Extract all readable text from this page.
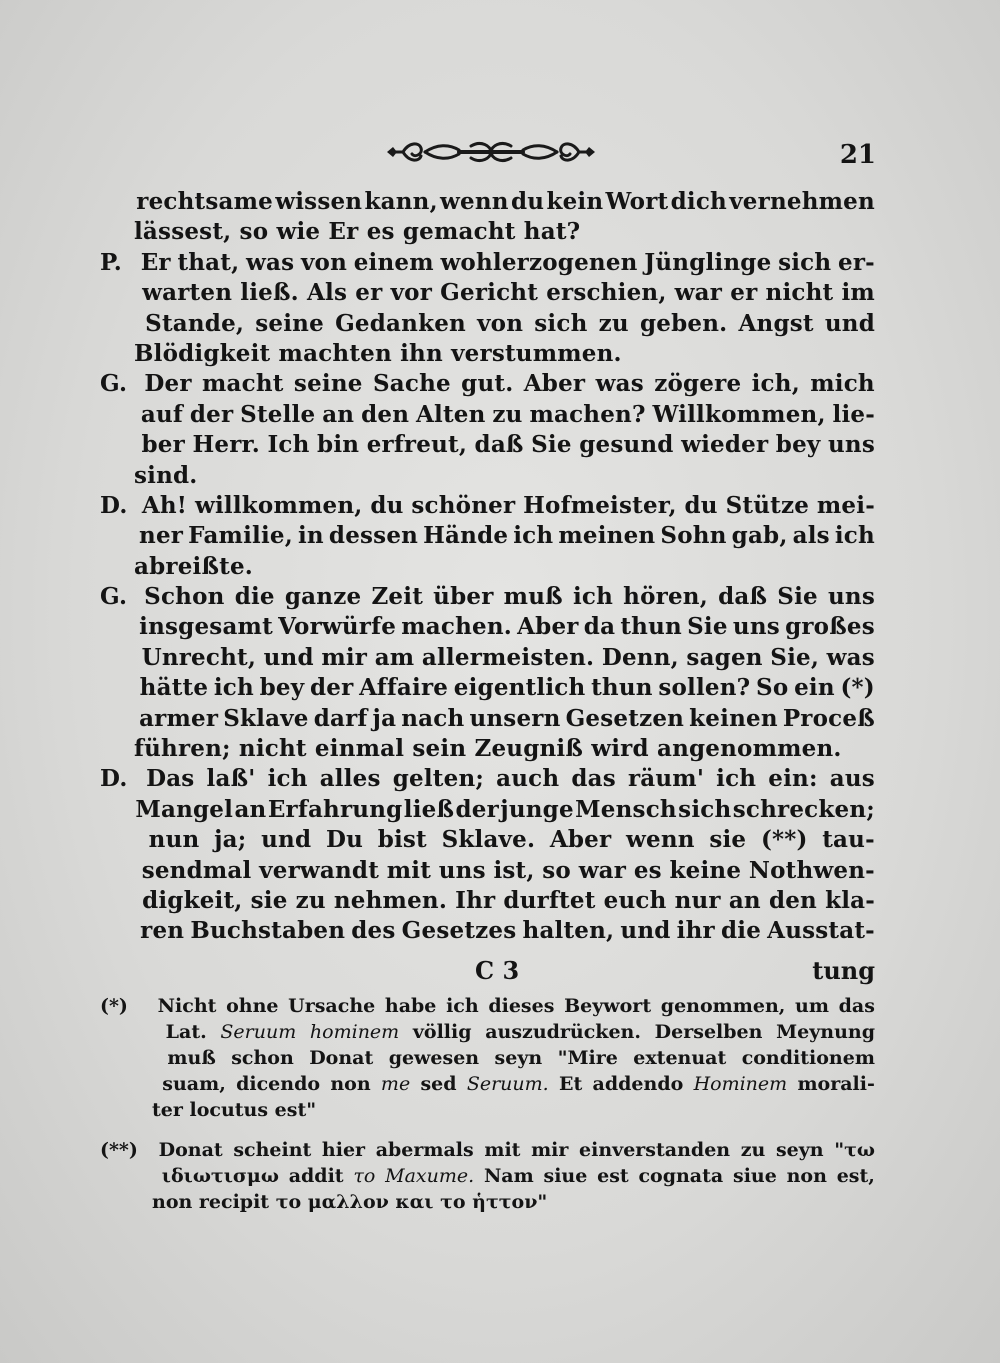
21
rechtsame wissen kann, wenn du kein Wort dich vernehmen
lässest, so wie Er es gemacht hat?
P. Er that, was von einem wohlerzogenen Jünglinge sich er-
warten ließ. Als er vor Gericht erschien, war er nicht im
Stande, seine Gedanken von sich zu geben. Angst und
Blödigkeit machten ihn verstummen.
G. Der macht seine Sache gut. Aber was zögere ich, mich
auf der Stelle an den Alten zu machen? Willkommen, lie-
ber Herr. Ich bin erfreut, daß Sie gesund wieder bey uns
sind.
D. Ah! willkommen, du schöner Hofmeister, du Stütze mei-
ner Familie, in dessen Hände ich meinen Sohn gab, als ich
abreißte.
G. Schon die ganze Zeit über muß ich hören, daß Sie uns
insgesamt Vorwürfe machen. Aber da thun Sie uns großes
Unrecht, und mir am allermeisten. Denn, sagen Sie, was
hätte ich bey der Affaire eigentlich thun sollen? So ein (*)
armer Sklave darf ja nach unsern Gesetzen keinen Proceß
führen; nicht einmal sein Zeugniß wird angenommen.
D. Das laß' ich alles gelten; auch das räum' ich ein: aus
Mangel an Erfahrung ließ der junge Mensch sich schrecken;
nun ja; und Du bist Sklave. Aber wenn sie (**) tau-
sendmal verwandt mit uns ist, so war es keine Nothwen-
digkeit, sie zu nehmen. Ihr durftet euch nur an den kla-
ren Buchstaben des Gesetzes halten, und ihr die Ausstat-
C 3	tung
(*)	Nicht ohne Ursache habe ich dieses Beywort genommen, um das
Lat. Seruum hominem völlig auszudrücken. Derselben Meynung
muß schon Donat gewesen seyn "Mire extenuat conditionem
suam, dicendo non me sed Seruum. Et addendo Hominem morali-
ter locutus est"
(**)	Donat scheint hier abermals mit mir einverstanden zu seyn "τω
ιδιωτισμω addit το Maxume. Nam siue est cognata siue non est,
non recipit το μαλλον και το ἡττον"
